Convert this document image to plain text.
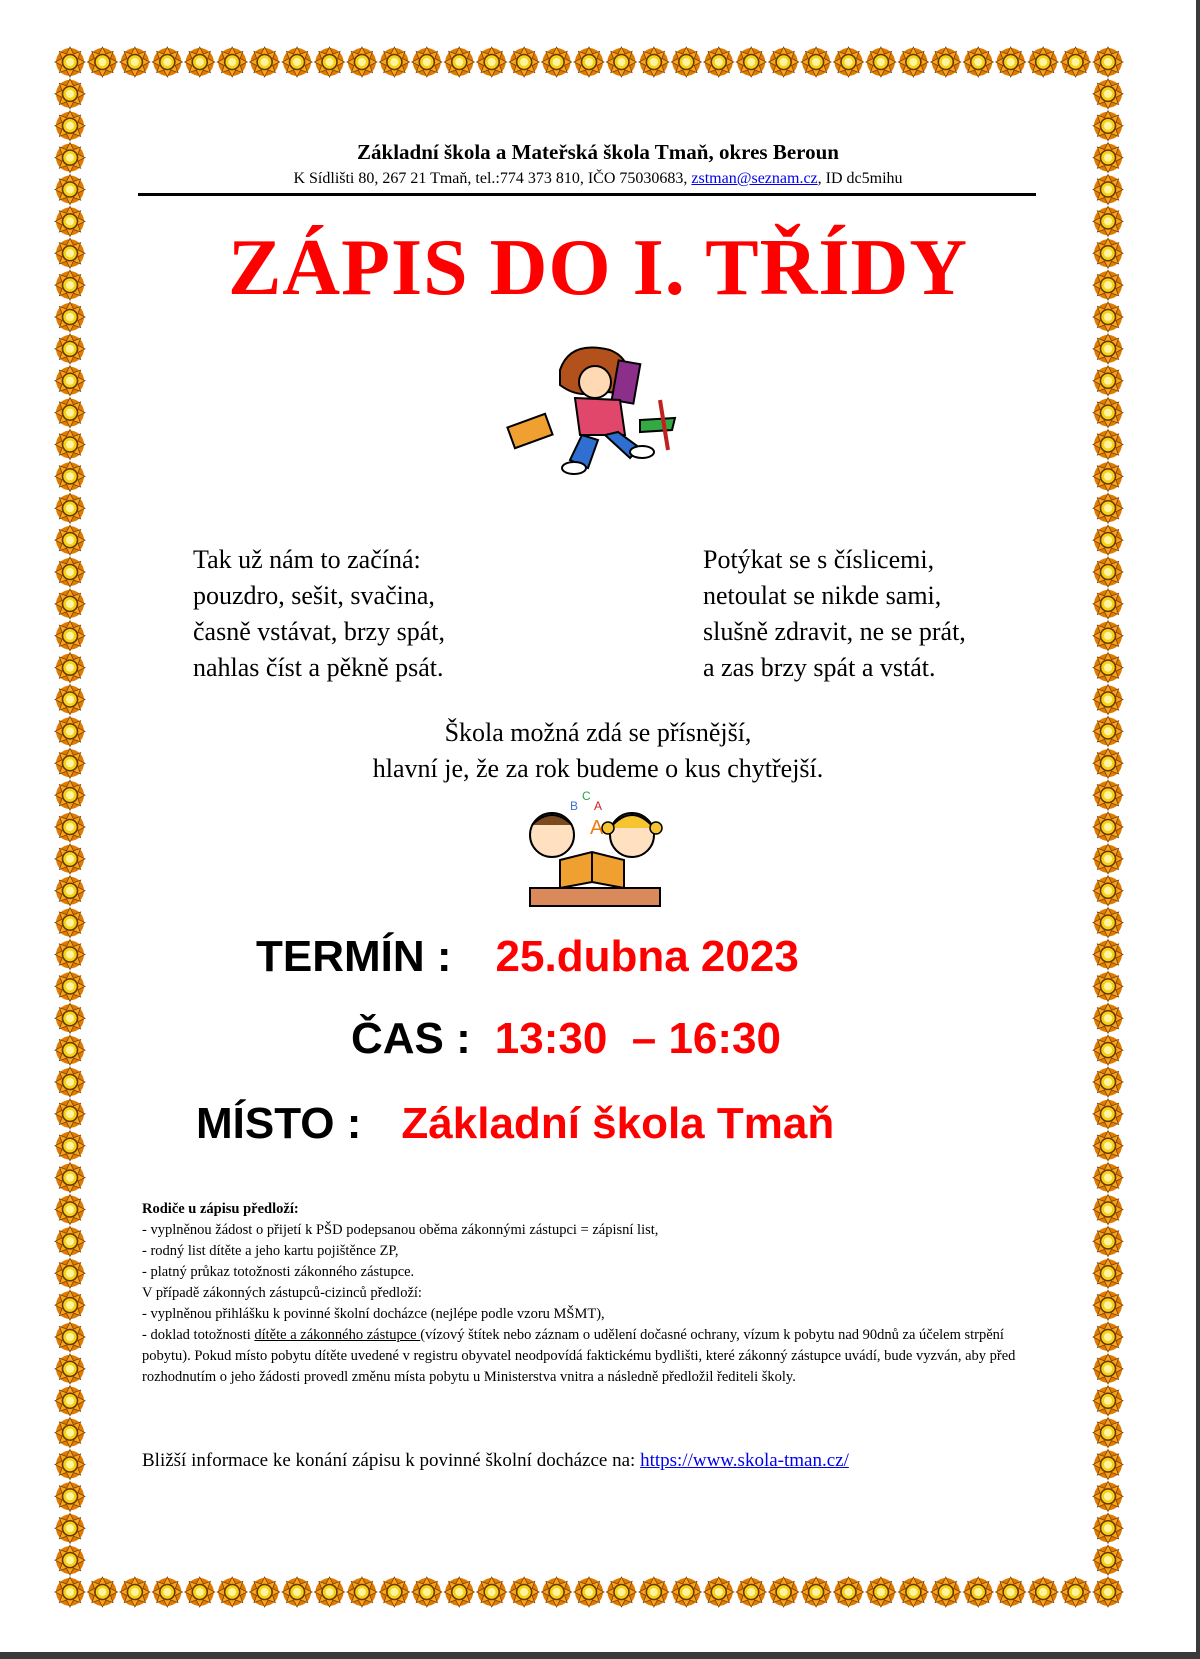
Základní škola a Mateřská škola Tmaň, okres Beroun
K Sídlišti 80, 267 21 Tmaň, tel.:774 373 810, IČO 75030683, zstman@seznam.cz, ID dc5mihu
ZÁPIS DO I. TŘÍDY
Tak už nám to začíná:
pouzdro, sešit, svačina,
časně vstávat, brzy spát,
nahlas číst a pěkně psát.
Potýkat se s číslicemi,
netoulat se nikde sami,
slušně zdravit, ne se prát,
a zas brzy spát a vstát.
Škola možná zdá se přísnější,
hlavní je, že za rok budeme o kus chytřejší.
B
C
A
A
TERMÍN : 25.dubna 2023
ČAS : 13:30  – 16:30
MÍSTO : Základní škola Tmaň
Rodiče u zápisu předloží:
- vyplněnou žádost o přijetí k PŠD podepsanou oběma zákonnými zástupci = zápisní list,
- rodný list dítěte a jeho kartu pojištěnce ZP,
- platný průkaz totožnosti zákonného zástupce.
V případě zákonných zástupců-cizinců předloží:
- vyplněnou přihlášku k povinné školní docházce (nejlépe podle vzoru MŠMT),
- doklad totožnosti dítěte a zákonného zástupce (vízový štítek nebo záznam o udělení dočasné ochrany, vízum k pobytu nad 90dnů za účelem strpění pobytu). Pokud místo pobytu dítěte uvedené v registru obyvatel neodpovídá faktickému bydlišti, které zákonný zástupce uvádí, bude vyzván, aby před rozhodnutím o jeho žádosti provedl změnu místa pobytu u Ministerstva vnitra a následně předložil řediteli školy.
Bližší informace ke konání zápisu k povinné školní docházce na: https://www.skola-tman.cz/
